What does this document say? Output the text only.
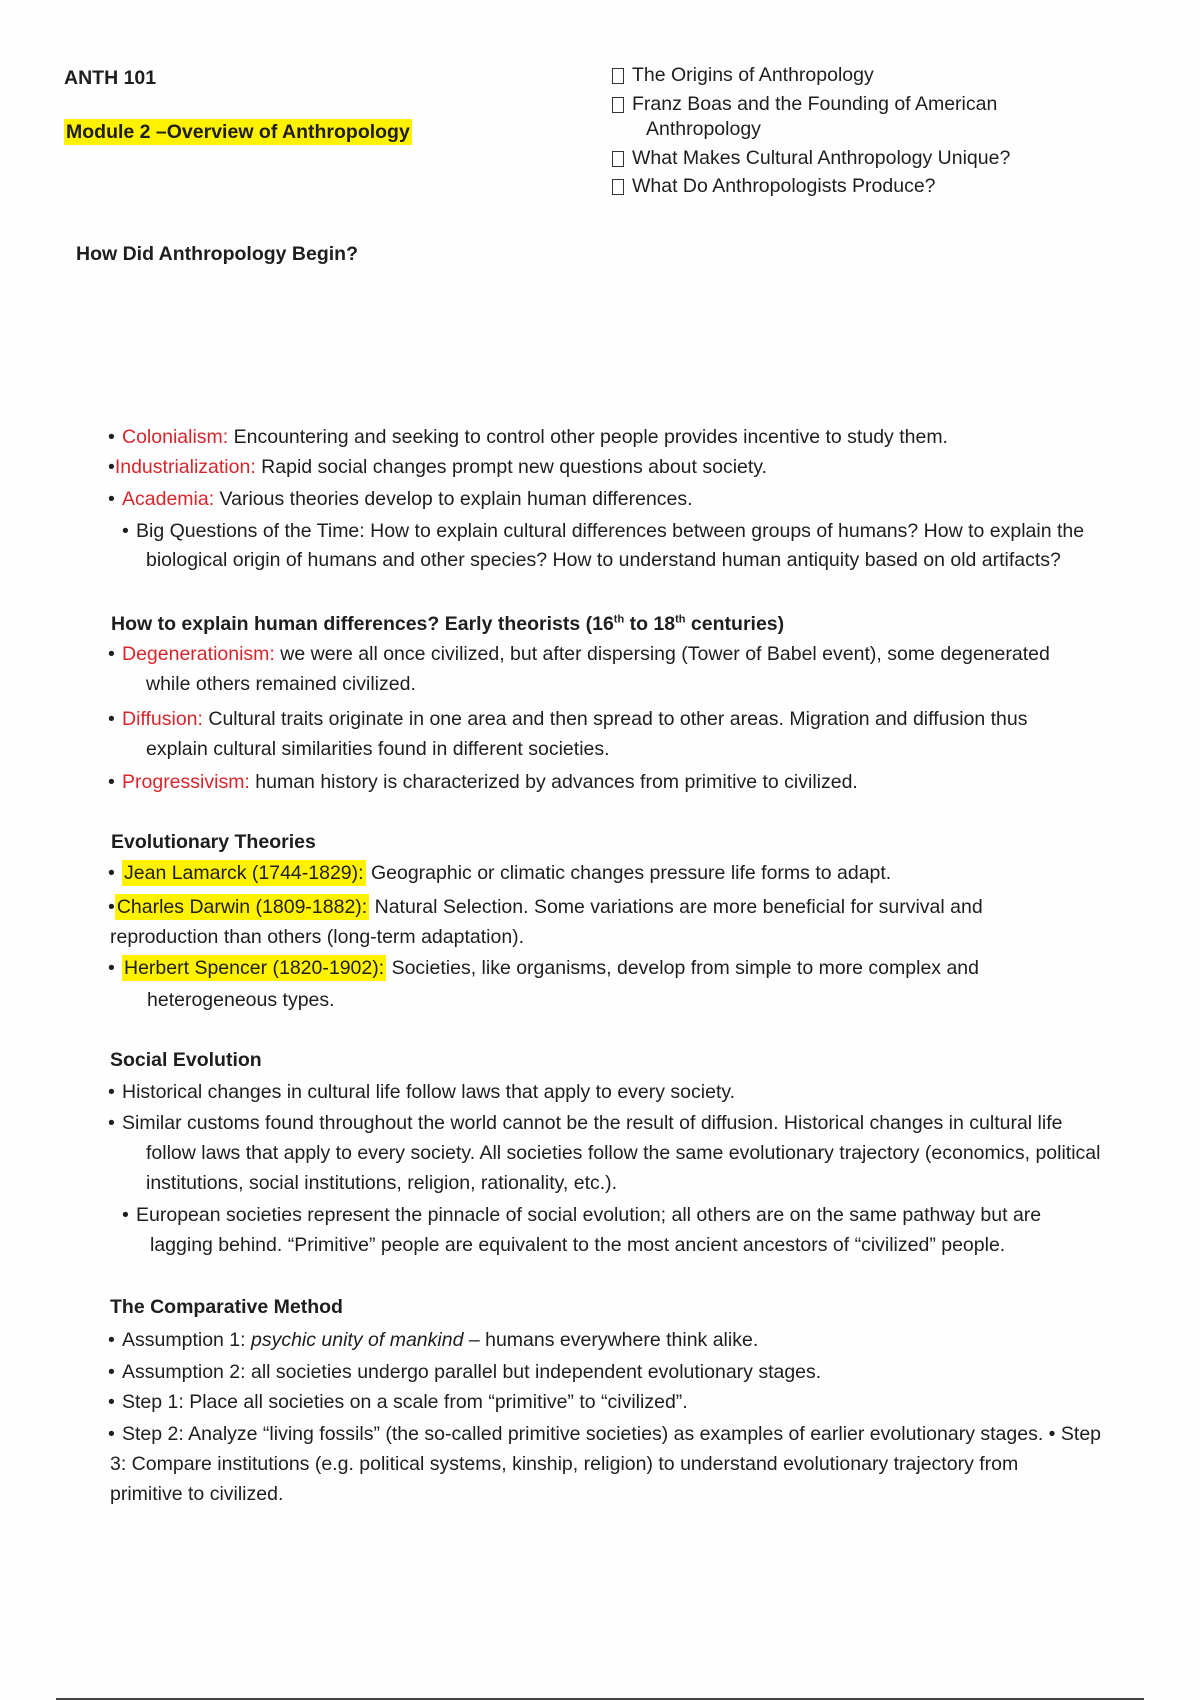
ANTH 101
Module 2 –Overview of Anthropology
The Origins of Anthropology
Franz Boas and the Founding of American
Anthropology
What Makes Cultural Anthropology Unique?
What Do Anthropologists Produce?
How Did Anthropology Begin?
• Colonialism: Encountering and seeking to control other people provides incentive to study them.
•Industrialization: Rapid social changes prompt new questions about society.
• Academia: Various theories develop to explain human differences.
• Big Questions of the Time: How to explain cultural differences between groups of humans? How to explain the
biological origin of humans and other species? How to understand human antiquity based on old artifacts?
How to explain human differences? Early theorists (16th to 18th centuries)
• Degenerationism: we were all once civilized, but after dispersing (Tower of Babel event), some degenerated
while others remained civilized.
• Diffusion: Cultural traits originate in one area and then spread to other areas. Migration and diffusion thus
explain cultural similarities found in different societies.
• Progressivism: human history is characterized by advances from primitive to civilized.
Evolutionary Theories
• Jean Lamarck (1744-1829): Geographic or climatic changes pressure life forms to adapt.
• Charles Darwin (1809-1882): Natural Selection. Some variations are more beneficial for survival and
reproduction than others (long-term adaptation).
• Herbert Spencer (1820-1902): Societies, like organisms, develop from simple to more complex and
heterogeneous types.
Social Evolution
• Historical changes in cultural life follow laws that apply to every society.
• Similar customs found throughout the world cannot be the result of diffusion. Historical changes in cultural life
follow laws that apply to every society. All societies follow the same evolutionary trajectory (economics, political
institutions, social institutions, religion, rationality, etc.).
• European societies represent the pinnacle of social evolution; all others are on the same pathway but are
lagging behind. “Primitive” people are equivalent to the most ancient ancestors of “civilized” people.
The Comparative Method
• Assumption 1: psychic unity of mankind – humans everywhere think alike.
• Assumption 2: all societies undergo parallel but independent evolutionary stages.
• Step 1: Place all societies on a scale from “primitive” to “civilized”.
• Step 2: Analyze “living fossils” (the so-called primitive societies) as examples of earlier evolutionary stages. • Step
3: Compare institutions (e.g. political systems, kinship, religion) to understand evolutionary trajectory from
primitive to civilized.
